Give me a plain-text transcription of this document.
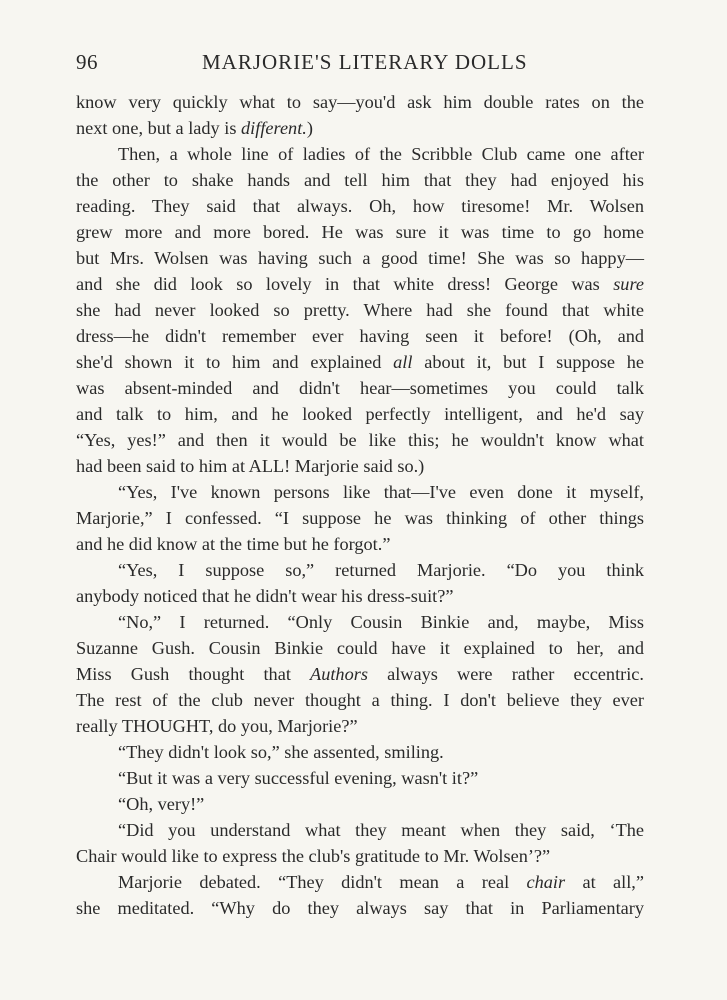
96	MARJORIE'S LITERARY DOLLS
know very quickly what to say—you'd ask him double rates on the
next one, but a lady is different.)
Then, a whole line of ladies of the Scribble Club came one after
the other to shake hands and tell him that they had enjoyed his
reading. They said that always. Oh, how tiresome! Mr. Wolsen
grew more and more bored. He was sure it was time to go home
but Mrs. Wolsen was having such a good time! She was so happy—
and she did look so lovely in that white dress! George was sure
she had never looked so pretty. Where had she found that white
dress—he didn't remember ever having seen it before! (Oh, and
she'd shown it to him and explained all about it, but I suppose he
was absent-minded and didn't hear—sometimes you could talk
and talk to him, and he looked perfectly intelligent, and he'd say
“Yes, yes!” and then it would be like this; he wouldn't know what
had been said to him at ALL! Marjorie said so.)
“Yes, I've known persons like that—I've even done it myself,
Marjorie,” I confessed. “I suppose he was thinking of other things
and he did know at the time but he forgot.”
“Yes, I suppose so,” returned Marjorie. “Do you think
anybody noticed that he didn't wear his dress-suit?”
“No,” I returned. “Only Cousin Binkie and, maybe, Miss
Suzanne Gush. Cousin Binkie could have it explained to her, and
Miss Gush thought that Authors always were rather eccentric.
The rest of the club never thought a thing. I don't believe they ever
really THOUGHT, do you, Marjorie?”
“They didn't look so,” she assented, smiling.
“But it was a very successful evening, wasn't it?”
“Oh, very!”
“Did you understand what they meant when they said, ‘The
Chair would like to express the club's gratitude to Mr. Wolsen’?”
Marjorie debated. “They didn't mean a real chair at all,”
she meditated. “Why do they always say that in Parliamentary
